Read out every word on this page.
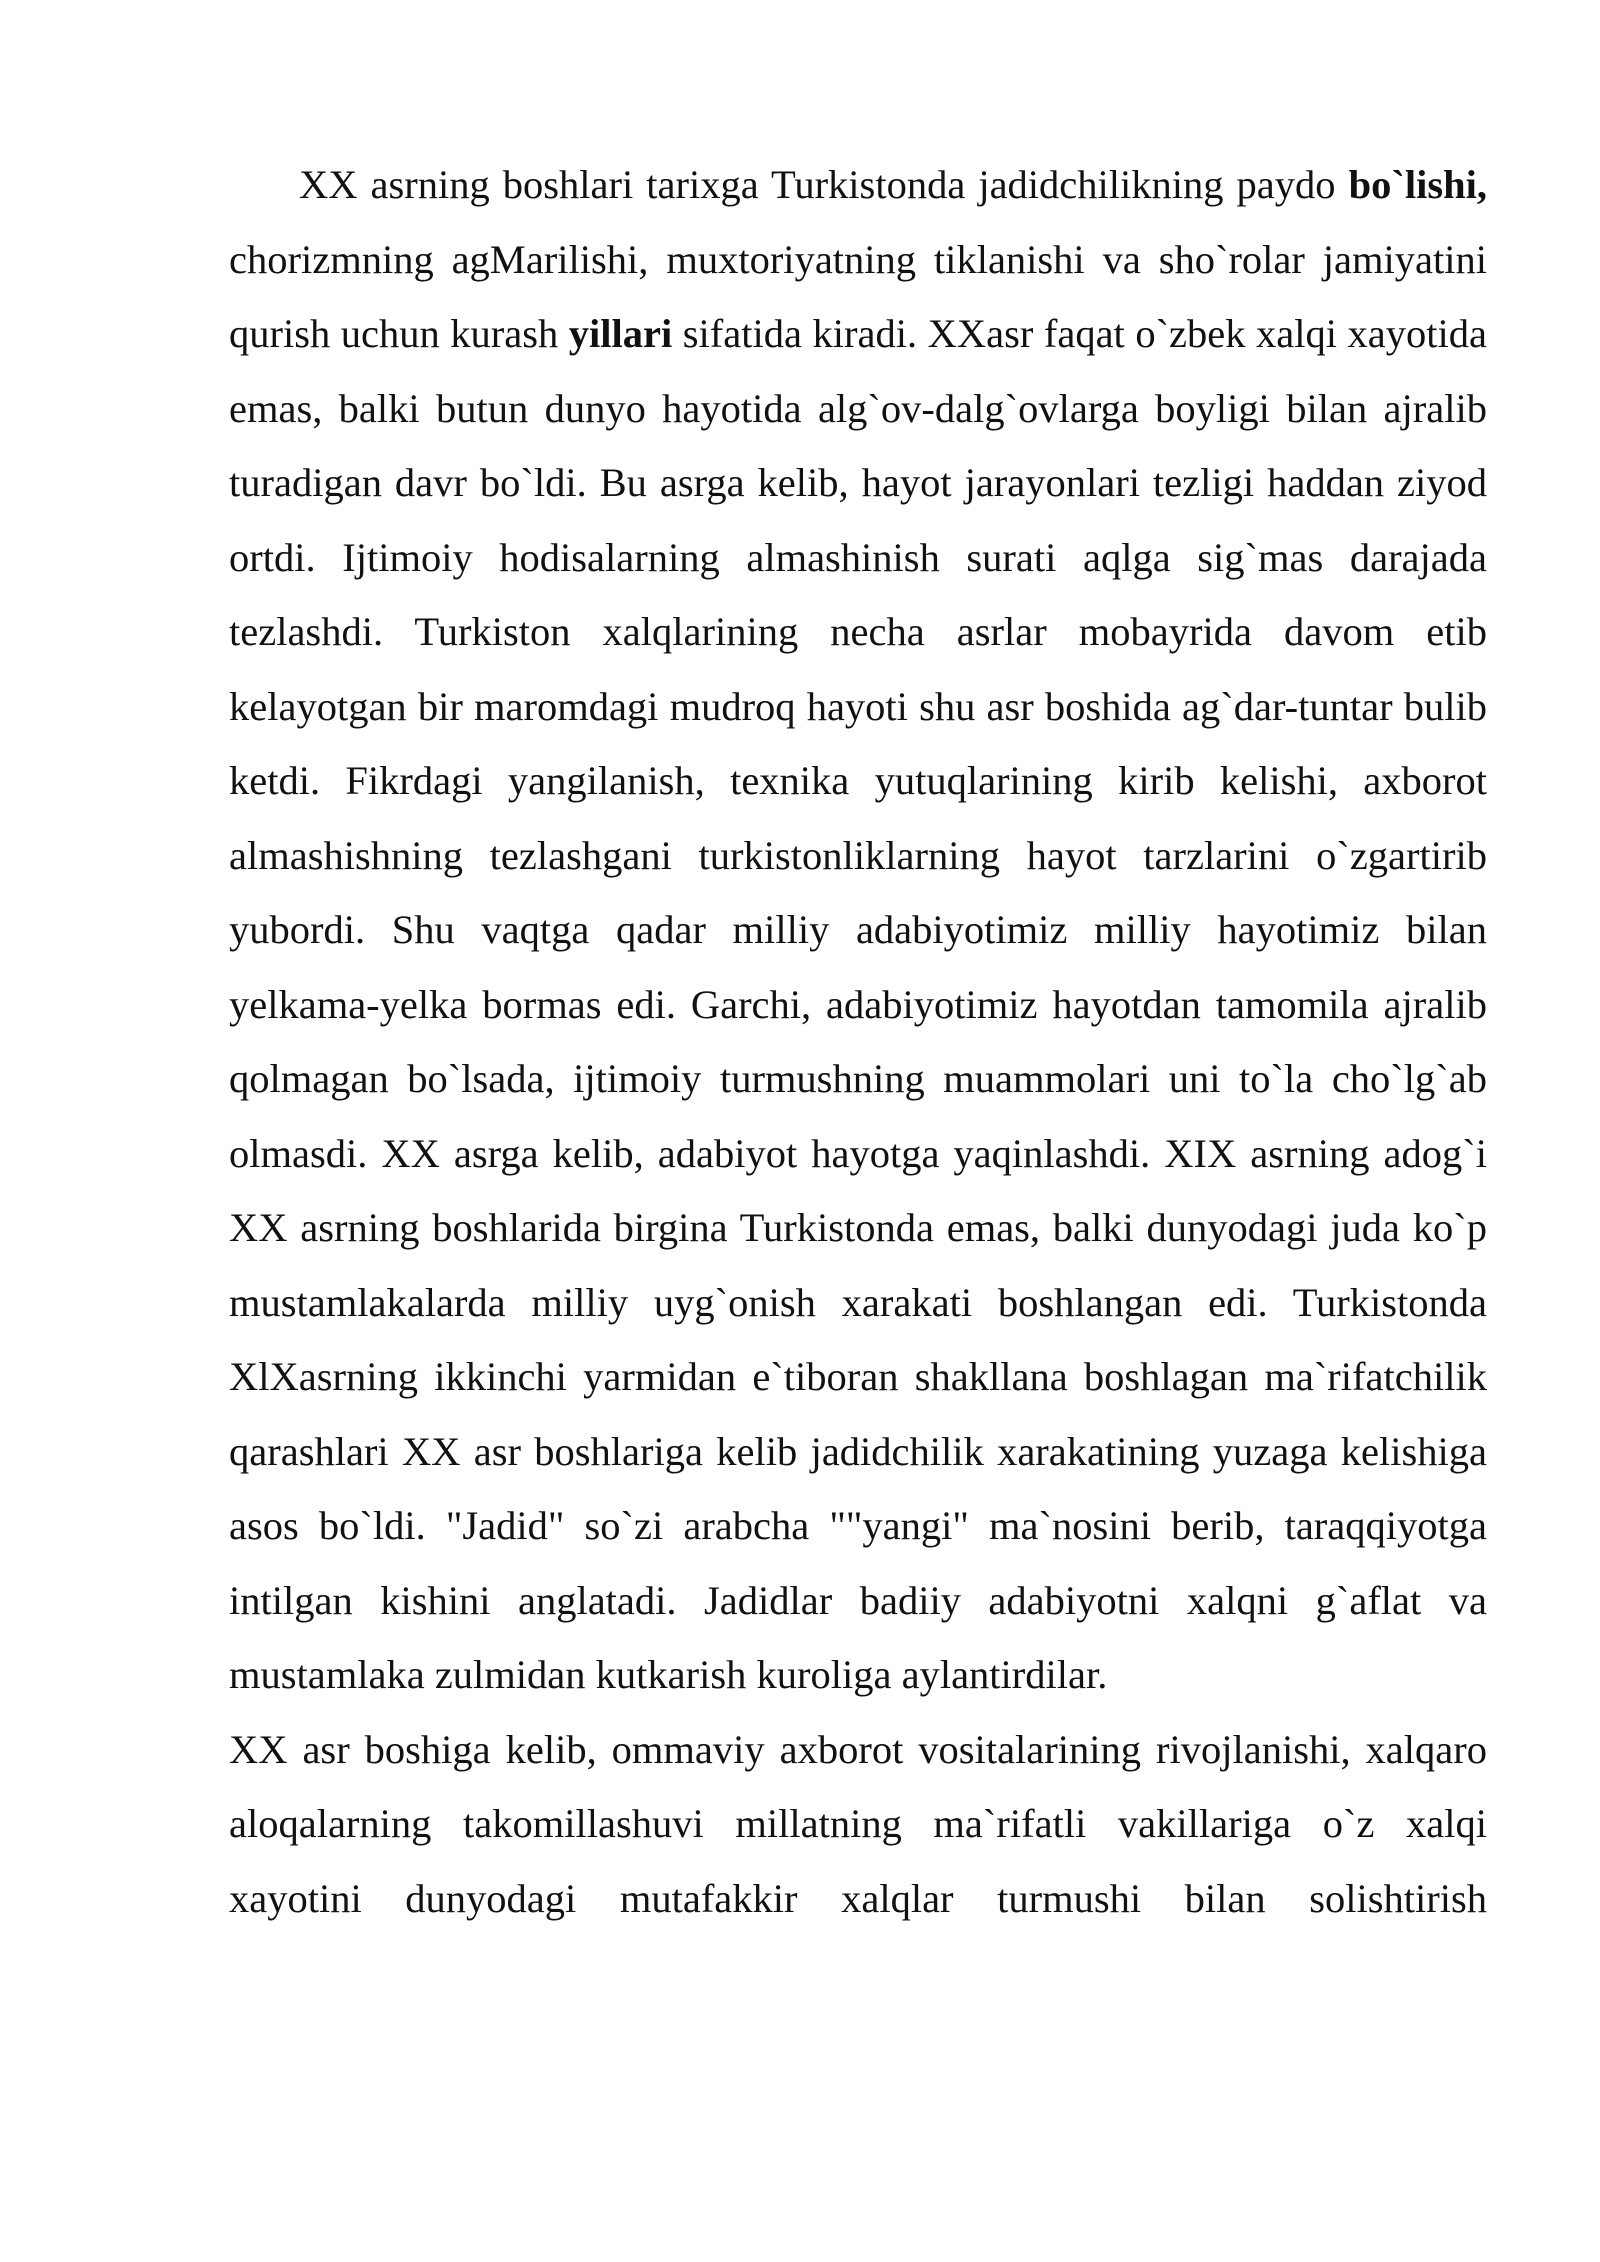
XX asrning boshlari tarixga Turkistonda jadidchilikning paydo bo`lishi, chorizmning agMarilishi, muxtoriyatning tiklanishi va sho`rolar jamiyatini qurish uchun kurash yillari sifatida kiradi. XXasr faqat o`zbek xalqi xayotida emas, balki butun dunyo hayotida alg`ov-dalg`ovlarga boyligi bilan ajralib turadigan davr bo`ldi. Bu asrga kelib, hayot jarayonlari tezligi haddan ziyod ortdi. Ijtimoiy hodisalarning almashinish surati aqlga sig`mas darajada tezlashdi. Turkiston xalqlarining necha asrlar mobayrida davom etib kelayotgan bir maromdagi mudroq hayoti shu asr boshida ag`dar-tuntar bulib ketdi. Fikrdagi yangilanish, texnika yutuqlarining kirib kelishi, axborot almashishning tezlashgani turkistonliklarning hayot tarzlarini o`zgartirib yubordi. Shu vaqtga qadar milliy adabiyotimiz milliy hayotimiz bilan yelkama-yelka bormas edi. Garchi, adabiyotimiz hayotdan tamomila ajralib qolmagan bo`lsada, ijtimoiy turmushning muammolari uni to`la cho`lg`ab olmasdi. XX asrga kelib, adabiyot hayotga yaqinlashdi. XIX asrning adog`i XX asrning boshlarida birgina Turkistonda emas, balki dunyodagi juda ko`p mustamlakalarda milliy uyg`onish xarakati boshlangan edi. Turkistonda XlXasrning ikkinchi yarmidan e`tiboran shakllana boshlagan ma`rifatchilik qarashlari XX asr boshlariga kelib jadidchilik xarakatining yuzaga kelishiga asos bo`ldi. "Jadid" so`zi arabcha ""yangi" ma`nosini berib, taraqqiyotga intilgan kishini anglatadi. Jadidlar badiiy adabiyotni xalqni g`aflat va mustamlaka zulmidan kutkarish kuroliga aylantirdilar.

XX asr boshiga kelib, ommaviy axborot vositalarining rivojlanishi, xalqaro aloqalarning takomillashuvi millatning ma`rifatli vakillariga o`z xalqi xayotini dunyodagi mutafakkir xalqlar turmushi bilan solishtirish
